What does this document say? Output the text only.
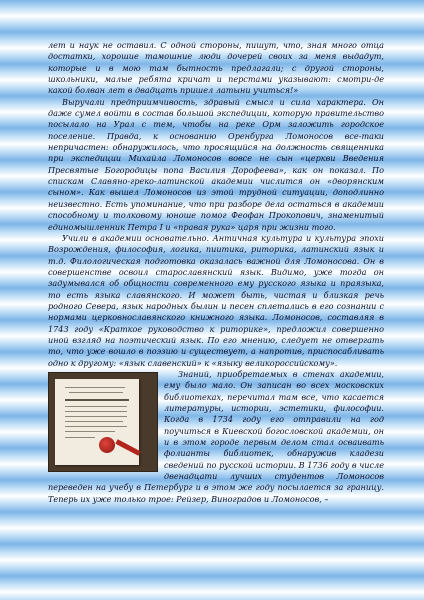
лет и наук не оставил. С одной стороны, пишут, что, зная много отца достатки, хорошие тамошние люди дочерей своих за меня выдадут, которые и в мою там бытность предлагали; с другой стороны, школьники, малые ребята кричат и перстами указывают: смотри-де какой болван лет в двадцать пришел латыни учиться!»

Выручали предприимчивость, здравый смысл и сила характера. Он даже сумел войти в состав большой экспедиции, которую правительство посылало на Урал с тем, чтобы на реке Орм заложить городское поселение. Правда, к основанию Оренбурга Ломоносов все-таки непричастен: обнаружилось, что просящийся на должность священника при экспедиции Михайла Ломоносов вовсе не сын «церкви Введения Пресвятые Богородицы попа Василия Дорофеева», как он показал. По спискам Славяно-греко-латинской академии числится он «дворянским сыном». Как вышел Ломоносов из этой трудной ситуации, доподлинно неизвестно. Есть упоминание, что при разборе дела остаться в академии способному и толковому юноше помог Феофан Прокопович, знаменитый единомышленник Петра I и «правая рука» царя при жизни того.

Учили в академии основательно. Античная культура и культура эпохи Возрождения, философия, логика, пиитика, риторика, латинский язык и т.д. Филологическая подготовка оказалась важной для Ломоносова. Он в совершенстве освоил старославянский язык. Видимо, уже тогда он задумывался об общности современного ему русского языка и праязыка, то есть языка славянского. И может быть, чистая и близкая речь родного Севера, язык народных былин и песен сплетались в его сознании с нормами церковнославянского книжного языка. Ломоносов, составляя в 1743 году «Краткое руководство к риторике», предложил совершенно иной взгляд на поэтический язык. По его мнению, следует не отвергать то, что уже вошло в поэзию и существует, а напротив, приспосабливать одно к другому: «язык славенский» к «языку великороссийскому».

Знаний, приобретаемых в стенах академии, ему было мало. Он записан во всех московских библиотеках, перечитал там все, что касается литературы, истории, эстетики, философии. Когда в 1734 году его отправили на год поучиться в Киевской богословской академии, он и в этом городе первым делом стал осваивать фолианты библиотек, обнаружив кладези сведений по русской истории. В 1736 году в числе двенадцати лучших студентов Ломоносов переведен на учебу в Петербург и в этом же году посылается за границу. Теперь их уже только трое: Рейзер, Виноградов и Ломоносов, –
